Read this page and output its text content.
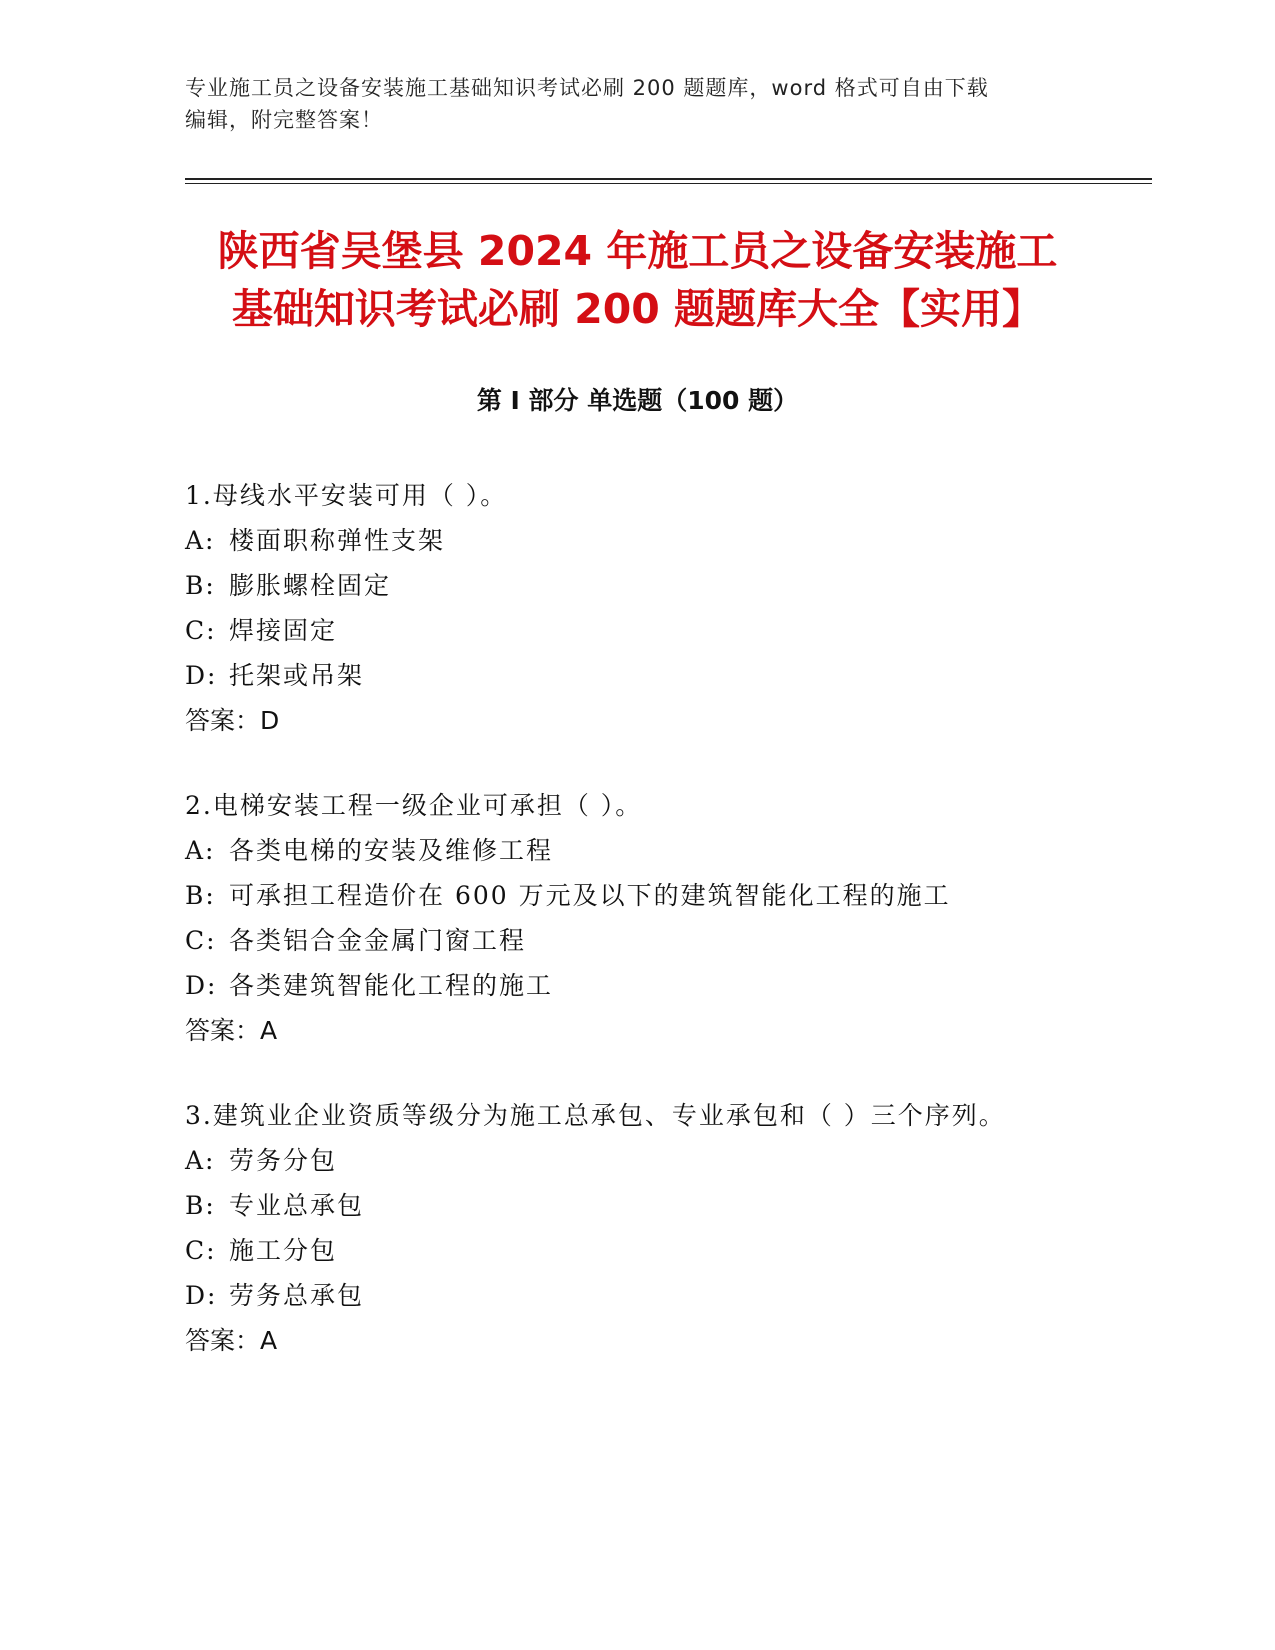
专业施工员之设备安装施工基础知识考试必刷 200 题题库，word 格式可自由下载
编辑，附完整答案！
陕西省吴堡县 2024 年施工员之设备安装施工
基础知识考试必刷 200 题题库大全【实用】
第 I 部分 单选题（100 题）
1.母线水平安装可用（ ）。
A: 楼面职称弹性支架
B: 膨胀螺栓固定
C: 焊接固定
D: 托架或吊架
答案：D
2.电梯安装工程一级企业可承担（ ）。
A: 各类电梯的安装及维修工程
B: 可承担工程造价在 600 万元及以下的建筑智能化工程的施工
C: 各类铝合金金属门窗工程
D: 各类建筑智能化工程的施工
答案：A
3.建筑业企业资质等级分为施工总承包、专业承包和（ ）三个序列。
A: 劳务分包
B: 专业总承包
C: 施工分包
D: 劳务总承包
答案：A
